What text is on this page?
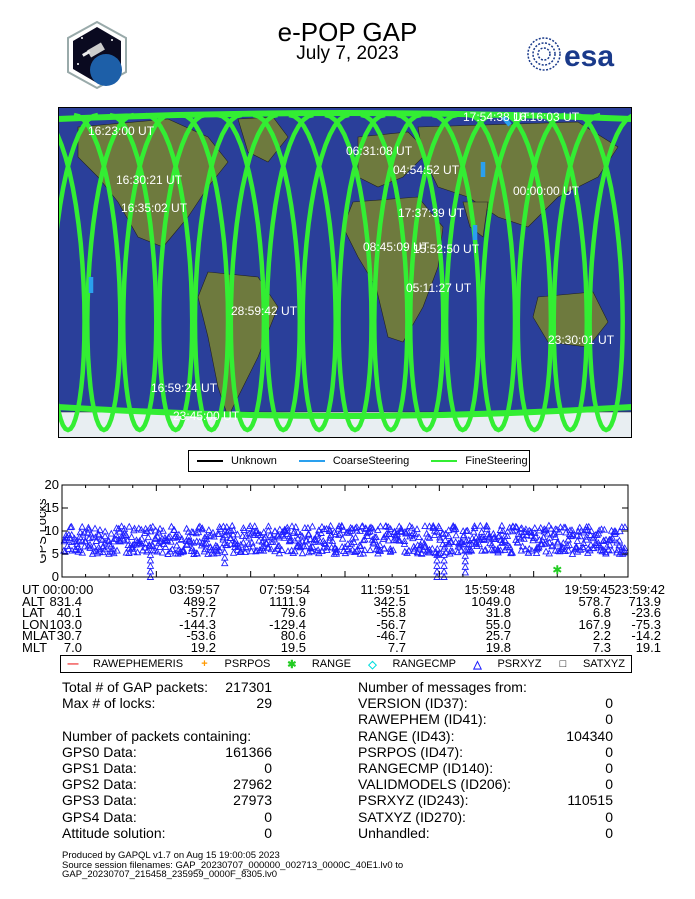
e-POP GAP
July 7, 2023	esa
17:54:38 UT
16:16:03 UT
16:23:00 UT
06:31:08 UT
04:54:52 UT
16:30:21 UT
00:00:00 UT
16:35:02 UT	17:37:39 UT
08:45:09 UT
15:52:50 UT
05:11:27 UT
28:59:42 UT
23:30:01 UT
16:59:24 UT
23:45:00 UT
Unknown	CoarseSteering	FineSteering
GPS Locks
✱
0
5
10
15
20
UT 00:00:00	03:59:57	07:59:54	11:59:51	15:59:48	19:59:45 23:59:42
ALT 831.4	489.2	1111.9	342.5	1049.0	578.7 713.9
LAT 40.1	-57.7	79.6	-55.8	31.8	6.8 -23.6
LON 103.0	-144.3	-129.4	-56.7	55.0	167.9 -75.3
MLAT 30.7	-53.6	80.6	-46.7	25.7	2.2 -14.2
MLT 7.0	19.2	19.5	7.7	19.8	7.3 19.1
— RAWEPHEMERIS + PSRPOS ✱ RANGE ◇ RANGECMP △ PSRXYZ □ SATXYZ
Total # of GAP packets: 217301
Max # of locks:	29
Number of packets containing:
GPS0 Data:	161366
GPS1 Data:	0
GPS2 Data:	27962
GPS3 Data:	27973
GPS4 Data:	0
Attitude solution:	0
Number of messages from:
VERSION (ID37):	0
RAWEPHEM (ID41):	0
RANGE (ID43):	104340
PSRPOS (ID47):	0
RANGECMP (ID140):	0
VALIDMODELS (ID206):	0
PSRXYZ (ID243):	110515
SATXYZ (ID270):	0
Unhandled:	0
Produced by GAPQL v1.7 on Aug 15 19:00:05 2023
Source session filenames: GAP_20230707_000000_002713_0000C_40E1.lv0 to
GAP_20230707_215458_235959_0000F_8305.lv0
